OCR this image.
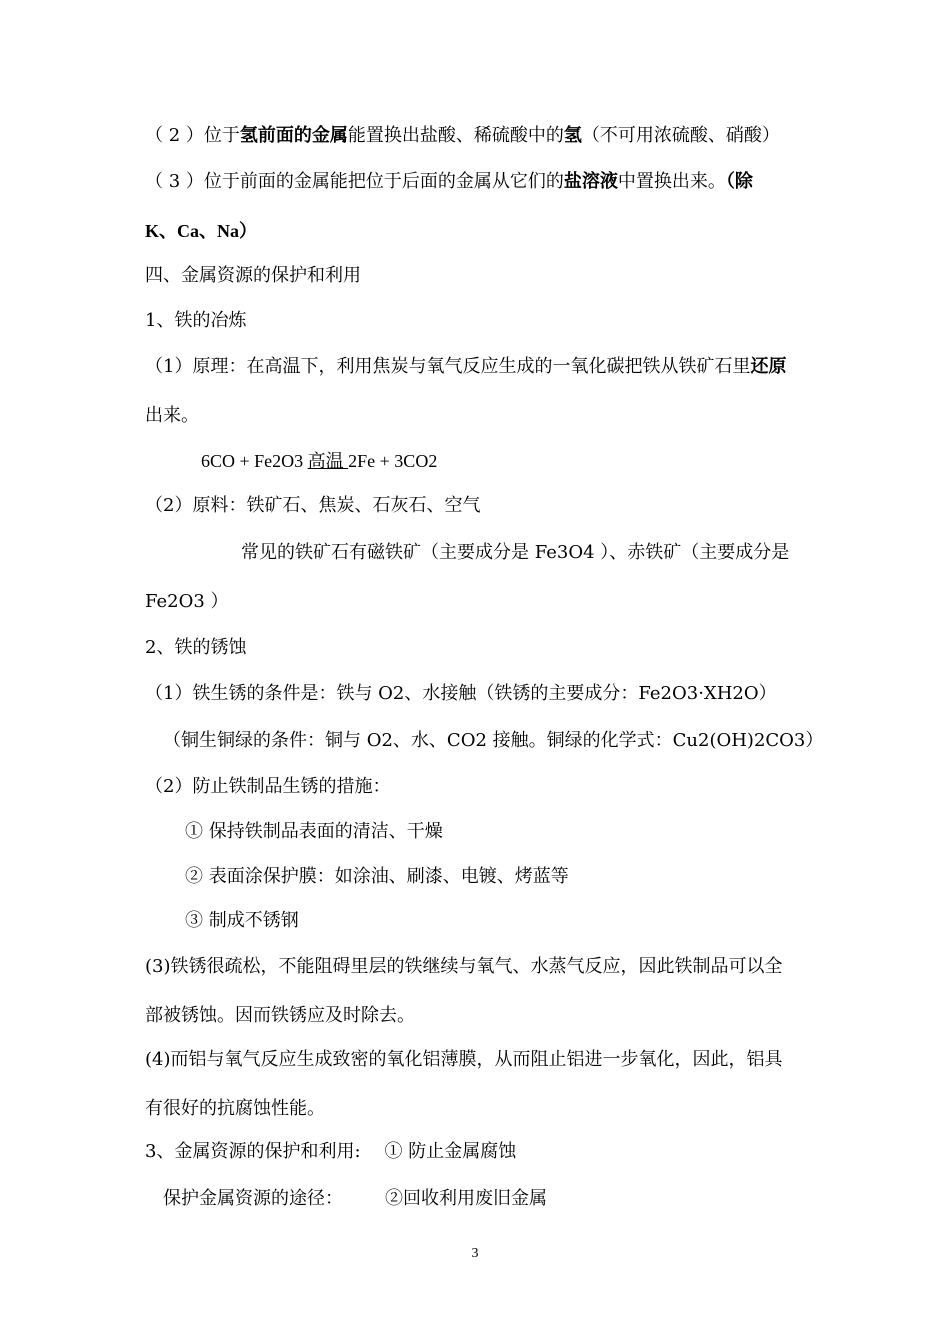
（ 2 ）位于氢前面的金属能置换出盐酸、稀硫酸中的氢（不可用浓硫酸、硝酸）
（ 3 ）位于前面的金属能把位于后面的金属从它们的盐溶液中置换出来。（除
K、Ca、Na）
四、金属资源的保护和利用
1、铁的冶炼
（1）原理：在高温下，利用焦炭与氧气反应生成的一氧化碳把铁从铁矿石里还原
出来。
6CO + Fe2O3 高温 2Fe + 3CO2
（2）原料：铁矿石、焦炭、石灰石、空气
常见的铁矿石有磁铁矿（主要成分是 Fe3O4 ）、赤铁矿（主要成分是
Fe2O3 ）
2、铁的锈蚀
（1）铁生锈的条件是：铁与 O2、水接触（铁锈的主要成分：Fe2O3·XH2O）
（铜生铜绿的条件：铜与 O2、水、CO2 接触。铜绿的化学式：Cu2(OH)2CO3）
（2）防止铁制品生锈的措施：
① 保持铁制品表面的清洁、干燥
② 表面涂保护膜：如涂油、刷漆、电镀、烤蓝等
③ 制成不锈钢
(3)铁锈很疏松，不能阻碍里层的铁继续与氧气、水蒸气反应，因此铁制品可以全
部被锈蚀。因而铁锈应及时除去。
(4)而铝与氧气反应生成致密的氧化铝薄膜，从而阻止铝进一步氧化，因此，铝具
有很好的抗腐蚀性能。
3、金属资源的保护和利用: ① 防止金属腐蚀
保护金属资源的途径： ②回收利用废旧金属
3
